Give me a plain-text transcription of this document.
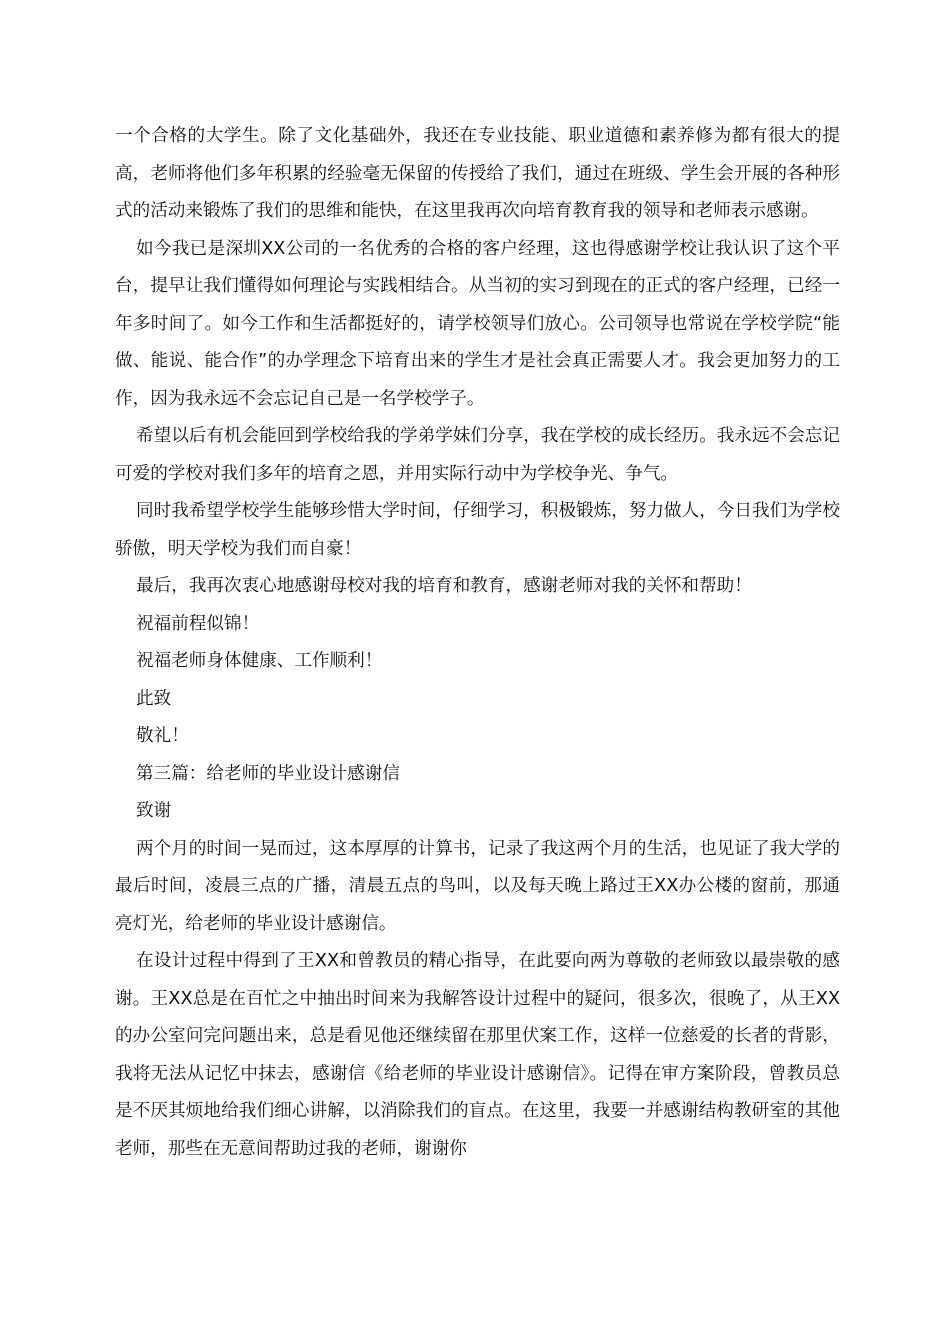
一个合格的大学生。除了文化基础外，我还在专业技能、职业道德和素养修为都有很大的提高，老师将他们多年积累的经验毫无保留的传授给了我们，通过在班级、学生会开展的各种形式的活动来锻炼了我们的思维和能快，在这里我再次向培育教育我的领导和老师表示感谢。

如今我已是深圳XX公司的一名优秀的合格的客户经理，这也得感谢学校让我认识了这个平台，提早让我们懂得如何理论与实践相结合。从当初的实习到现在的正式的客户经理，已经一年多时间了。如今工作和生活都挺好的，请学校领导们放心。公司领导也常说在学校学院“能做、能说、能合作”的办学理念下培育出来的学生才是社会真正需要人才。我会更加努力的工作，因为我永远不会忘记自己是一名学校学子。

希望以后有机会能回到学校给我的学弟学妹们分享，我在学校的成长经历。我永远不会忘记可爱的学校对我们多年的培育之恩，并用实际行动中为学校争光、争气。

同时我希望学校学生能够珍惜大学时间，仔细学习，积极锻炼，努力做人，今日我们为学校骄傲，明天学校为我们而自豪！

最后，我再次衷心地感谢母校对我的培育和教育，感谢老师对我的关怀和帮助！

祝福前程似锦！

祝福老师身体健康、工作顺利！

此致

敬礼！

第三篇：给老师的毕业设计感谢信

致谢

两个月的时间一晃而过，这本厚厚的计算书，记录了我这两个月的生活，也见证了我大学的最后时间，凌晨三点的广播，清晨五点的鸟叫，以及每天晚上路过王XX办公楼的窗前，那通亮灯光，给老师的毕业设计感谢信。

在设计过程中得到了王XX和曾教员的精心指导，在此要向两为尊敬的老师致以最崇敬的感谢。王XX总是在百忙之中抽出时间来为我解答设计过程中的疑问，很多次，很晚了，从王XX的办公室问完问题出来，总是看见他还继续留在那里伏案工作，这样一位慈爱的长者的背影，我将无法从记忆中抹去，感谢信《给老师的毕业设计感谢信》。记得在审方案阶段，曾教员总是不厌其烦地给我们细心讲解，以消除我们的盲点。在这里，我要一并感谢结构教研室的其他老师，那些在无意间帮助过我的老师，谢谢你
